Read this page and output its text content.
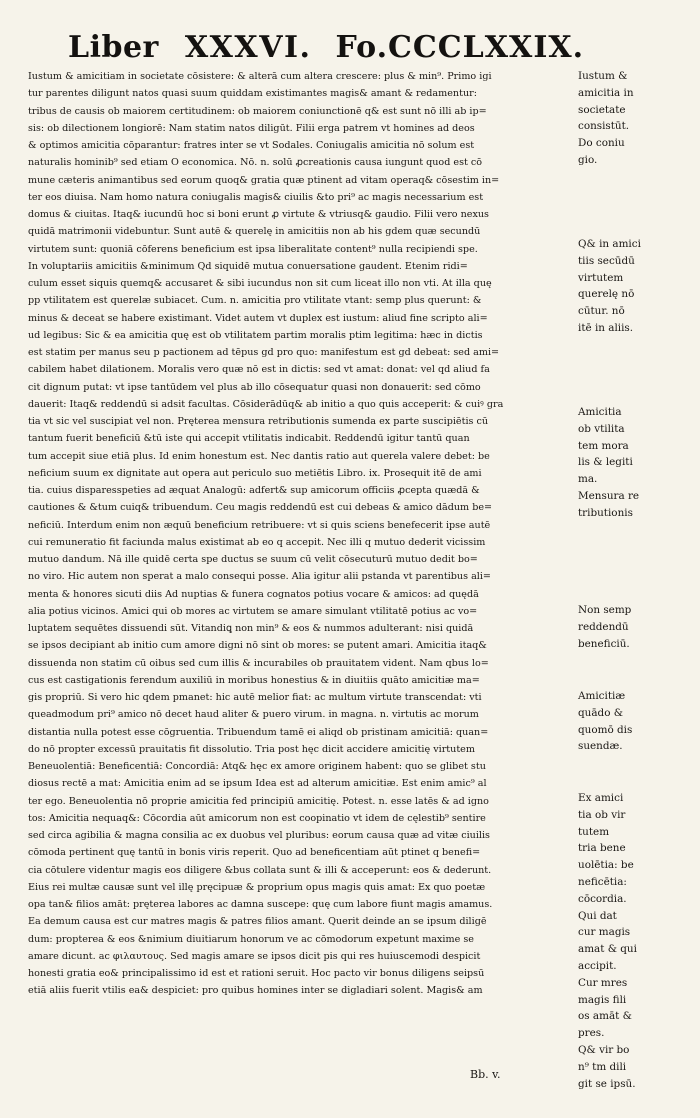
Liber XXXVI. Fo.CCCLXXIX.
Iustum & amicitiam in societate cōsistere: & alterā cum altera crescere: plus & min⁹. Primo igi
tur parentes diligunt natos quasi suum quiddam existimantes magis& amant & redamentur:
tribus de causis ob maiorem certitudinem: ob maiorem coniunctionē q& est sunt nō illi ab ip=
sis: ob dilectionem longiorē: Nam statim natos diligūt. Filii erga patrem vt homines ad deos
& optimos amicitia cōparantur: fratres inter se vt Sodales. Coniugalis amicitia nō solum est
naturalis hominib⁹ sed etiam O economica. Nō. n. solū ꝓcreationis causa iungunt quod est cō
mune cæteris animantibus sed eorum quoq& gratia quæ ptinent ad vitam operaq& cōsestim in=
ter eos diuisa. Nam homo natura coniugalis magis& ciuilis &to pri⁹ ac magis necessarium est
domus & ciuitas. Itaq& iucundū hoc si boni erunt ꝓ virtute & vtriusq& gaudio. Filii vero nexus
quidā matrimonii videbuntur. Sunt autē & querelę in amicitiis non ab his gdem quæ secundū
virtutem sunt: quoniā cōferens beneficium est ipsa liberalitate content⁹ nulla recipiendi spe.
In voluptariis amicitiis &minimum Qd siquidē mutua conuersatione gaudent. Etenim ridi=
culum esset siquis quemq& accusaret & sibi iucundus non sit cum liceat illo non vti. At illa quę
pp vtilitatem est querelæ subiacet. Cum. n. amicitia pro vtilitate vtant: semp plus querunt: &
minus & deceat se habere existimant. Videt autem vt duplex est iustum: aliud fine scripto ali=
ud legibus: Sic & ea amicitia quę est ob vtilitatem partim moralis ptim legitima: hæc in dictis
est statim per manus seu p pactionem ad tēpus gd pro quo: manifestum est gd debeat: sed ami=
cabilem habet dilationem. Moralis vero quæ nō est in dictis: sed vt amat: donat: vel qd aliud fa
cit dignum putat: vt ipse tantūdem vel plus ab illo cōsequatur quasi non donauerit: sed cōmo
dauerit: Itaq& reddendū si adsit facultas. Cōsiderādūq& ab initio a quo quis acceperit: & cuiꝰ gra
tia vt sic vel suscipiat vel non. Pręterea mensura retributionis sumenda ex parte suscipiētis cū
tantum fuerit beneficiū &tū iste qui accepit vtilitatis indicabit. Reddendū igitur tantū quan
tum accepit siue etiā plus. Id enim honestum est. Nec dantis ratio aut querela valere debet: be
neficium suum ex dignitate aut opera aut periculo suo metiētis Libro. ix. Prosequit itē de ami
tia. cuius disparesspeties ad æquat Analogū: adfert& sup amicorum officiis ꝓcepta quædā &
cautiones & &tum cuiq& tribuendum. Ceu magis reddendū est cui debeas & amico dādum be=
neficiū. Interdum enim non æquū beneficium retribuere: vt si quis sciens benefecerit ipse autē
cui remuneratio fit faciunda malus existimat ab eo q accepit. Nec illi q mutuo dederit vicissim
mutuo dandum. Nā ille quidē certa spe ductus se suum cū velit cōsecuturū mutuo dedit bo=
no viro. Hic autem non sperat a malo consequi posse. Alia igitur alii pstanda vt parentibus ali=
menta & honores sicuti diis Ad nuptias & funera cognatos potius vocare & amicos: ad quędā
alia potius vicinos. Amici qui ob mores ac virtutem se amare simulant vtilitatē potius ac vo=
luptatem sequētes dissuendi sūt. Vitandiꝗ non min⁹ & eos & nummos adulterant: nisi quidā
se ipsos decipiant ab initio cum amore digni nō sint ob mores: se putent amari. Amicitia itaq&
dissuenda non statim cū oibus sed cum illis & incurabiles ob prauitatem vident. Nam qbus lo=
cus est castigationis ferendum auxiliū in moribus honestius & in diuitiis quāto amicitiæ ma=
gis propriū. Si vero hic qdem pmanet: hic autē melior fiat: ac multum virtute transcendat: vti
queadmodum pri⁹ amico nō decet haud aliter & puero virum. in magna. n. virtutis ac morum
distantia nulla potest esse cōgruentia. Tribuendum tamē ei aliqd ob pristinam amicitiā: quan=
do nō propter excessū prauitatis fit dissolutio. Tria post hęc dicit accidere amicitię virtutem
Beneuolentiā: Beneficentiā: Concordiā: Atq& hęc ex amore originem habent: quo se glibet stu
diosus rectē a mat: Amicitia enim ad se ipsum Idea est ad alterum amicitiæ. Est enim amic⁹ al
ter ego. Beneuolentia nō proprie amicitia fed principiū amicitię. Potest. n. esse latēs & ad igno
tos: Amicitia nequaq&: Cōcordia aūt amicorum non est coopinatio vt idem de cęlestib⁹ sentire
sed circa agibilia & magna consilia ac ex duobus vel pluribus: eorum causa quæ ad vitæ ciuilis
cōmoda pertinent quę tantū in bonis viris reperit. Quo ad beneficentiam aūt ptinet q benefi=
cia cōtulere videntur magis eos diligere &bus collata sunt & illi & acceperunt: eos & dederunt.
Eius rei multæ causæ sunt vel illę pręcipuæ & proprium opus magis quis amat: Ex quo poetæ
opa tan& filios amāt: pręterea labores ac damna suscepe: quę cum labore fiunt magis amamus.
Ea demum causa est cur matres magis & patres filios amant. Querit deinde an se ipsum diligē
dum: propterea & eos &nimium diuitiarum honorum ve ac cōmodorum expetunt maxime se
amare dicunt. ac φιλαυτους. Sed magis amare se ipsos dicit pis qui res huiuscemodi despicit
honesti gratia eo& principalissimo id est et rationi seruit. Hoc pacto vir bonus diligens seipsū
etiā aliis fuerit vtilis ea& despiciet: pro quibus homines inter se digladiari solent. Magis& am
Iustum &
amicitia in
societate
consistūt.
Do coniu
gio.
Q& in amici
tiis secūdū
virtutem
querelę nō
cūtur. nō
itē in aliis.
Amicitia
ob vtilita
tem mora
lis & legiti
ma.
Mensura re
tributionis
Non semp
reddendū
beneficiū.
Amicitiæ
quādo &
quomō dis
suendæ.
Ex amici
tia ob vir
tutem
tria bene
uolētia: be
neficētia:
cōcordia.
Qui dat
cur magis
amat & qui
accipit.
Cur mres
magis fili
os amāt &
pres.
Q& vir bo
n⁹ tm dili
git se ipsū.
Bb. v.
